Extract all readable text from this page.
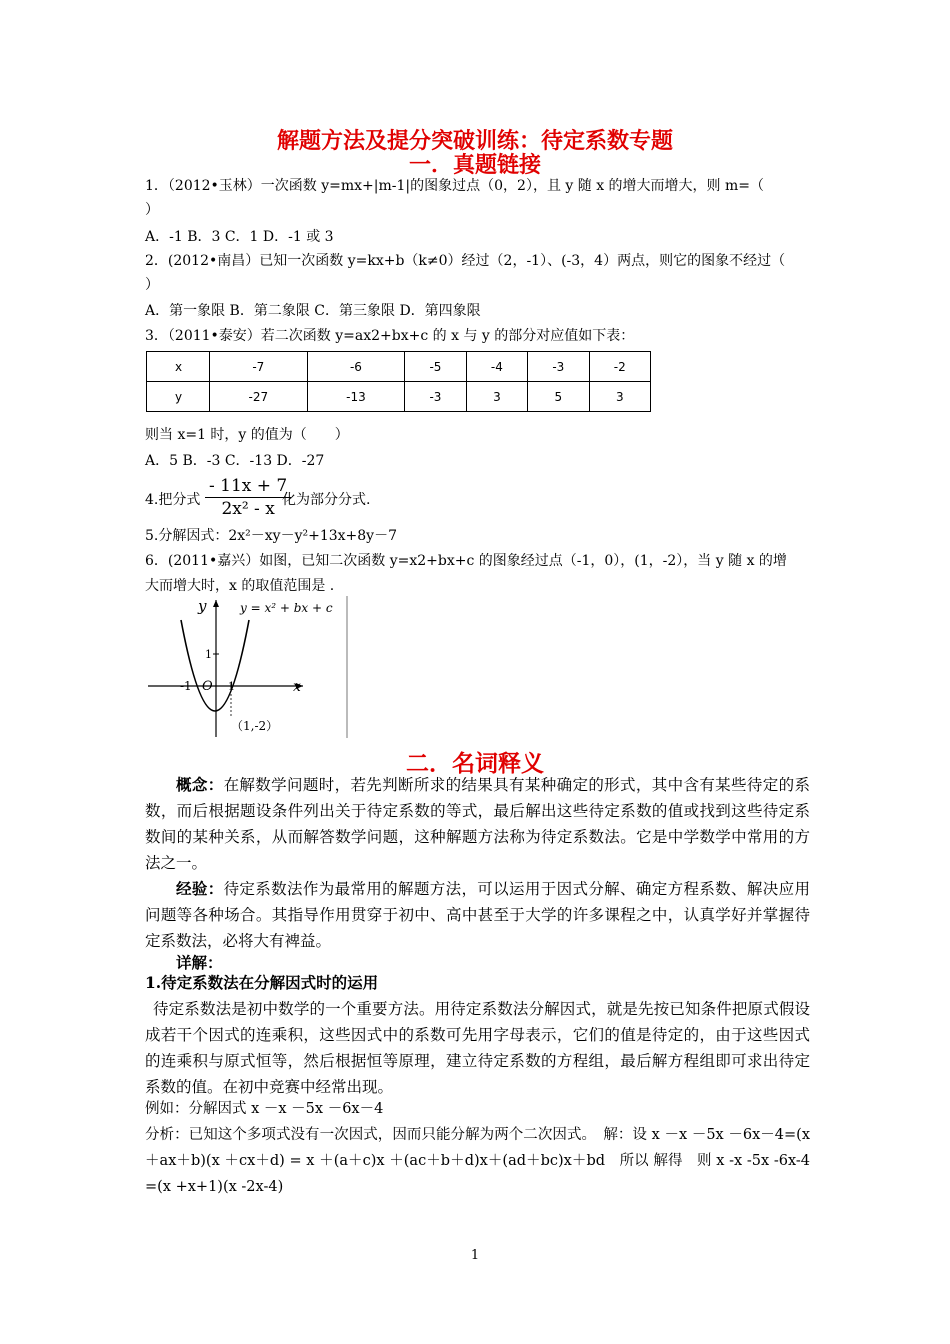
解题方法及提分突破训练：待定系数专题
一．真题链接
1．（2012•玉林）一次函数 y=mx+|m-1|的图象过点（0，2），且 y 随 x 的增大而增大，则 m=（
）
A．-1 B．3 C．1 D．-1 或 3
2．(2012•南昌）已知一次函数 y=kx+b（k≠0）经过（2，-1）、(-3，4）两点，则它的图象不经过（
）
A．第一象限 B．第二象限 C．第三象限 D．第四象限
3．（2011•泰安）若二次函数 y=ax2+bx+c 的 x 与 y 的部分对应值如下表：
x	-7	-6	-5	-4	-3	-2
y	-27	-13	-3	3	5	3
则当 x=1 时，y 的值为（　　）
A．5 B．-3 C．-13 D．-27
4.把分式 $\frac{- 11x + 7}{\text{2x² - x}}$
化为部分分式.
5.分解因式：2x²－xy－y²+13x+8y－7
6．(2011•嘉兴）如图，已知二次函数 y=x2+bx+c 的图象经过点（-1，0），(1，-2），当 y 随 x 的增
大而增大时，x 的取值范围是 .
y	y = x² + bx + c
1
-1 O 1	x
（1,-2）
二．名词释义
概念：在解数学问题时，若先判断所求的结果具有某种确定的形式，其中含有某些待定的系数，而后根据题设条件列出关于待定系数的等式，最后解出这些待定系数的值或找到这些待定系数间的某种关系，从而解答数学问题，这种解题方法称为待定系数法。它是中学数学中常用的方法之一。
经验：待定系数法作为最常用的解题方法，可以运用于因式分解、确定方程系数、解决应用问题等各种场合。其指导作用贯穿于初中、高中甚至于大学的许多课程之中，认真学好并掌握待定系数法，必将大有裨益。
详解：
1.待定系数法在分解因式时的运用
待定系数法是初中数学的一个重要方法。用待定系数法分解因式，就是先按已知条件把原式假设成若干个因式的连乘积，这些因式中的系数可先用字母表示，它们的值是待定的，由于这些因式的连乘积与原式恒等，然后根据恒等原理，建立待定系数的方程组，最后解方程组即可求出待定系数的值。在初中竞赛中经常出现。
例如：分解因式 x －x －5x －6x－4
分析：已知这个多项式没有一次因式，因而只能分解为两个二次因式。　解：设 x －x －5x －6x－4=(x ＋ax＋b)(x ＋cx＋d) = x ＋(a＋c)x ＋(ac＋b＋d)x＋(ad＋bc)x＋bd　所以 解得　则 x -x -5x -6x-4 =(x +x+1)(x -2x-4)
1
